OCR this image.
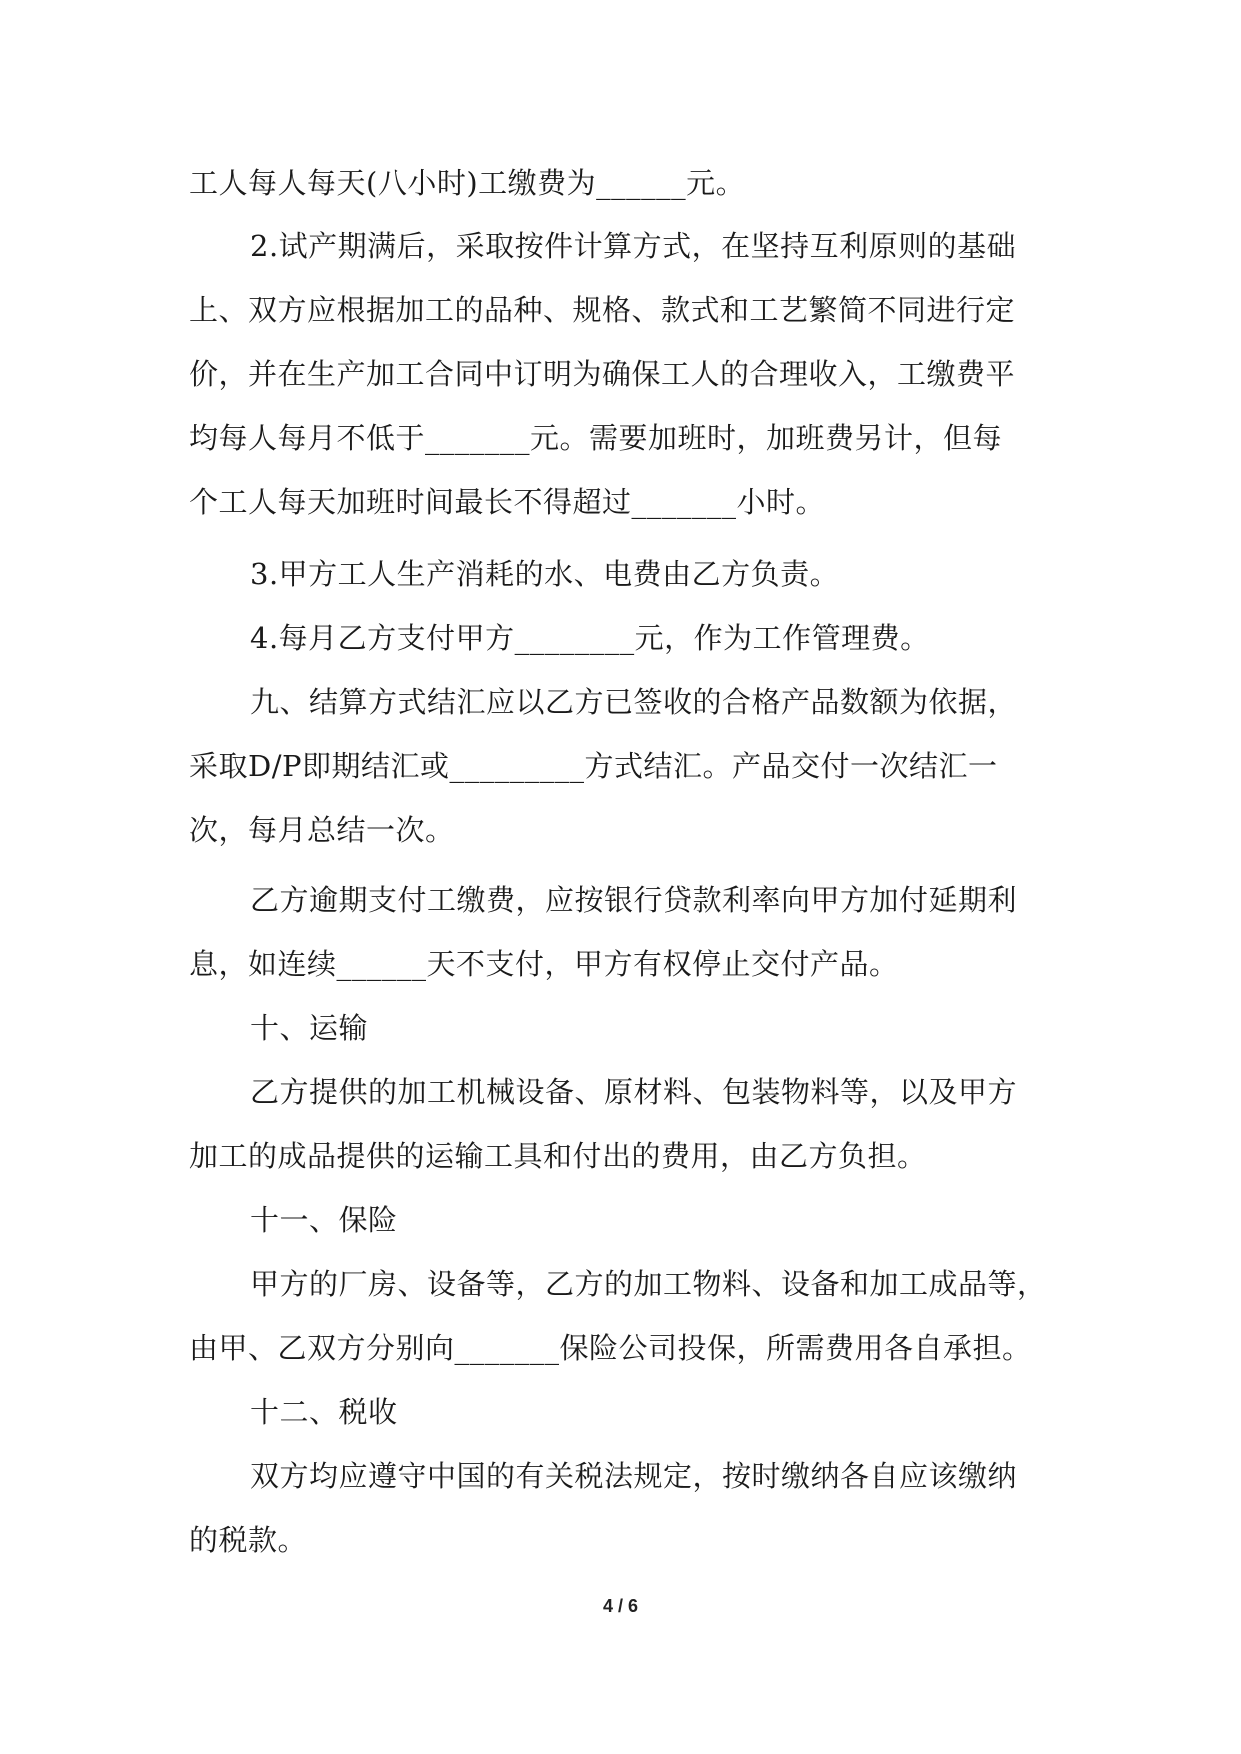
工人每人每天(八小时)工缴费为______元。
2.试产期满后，采取按件计算方式，在坚持互利原则的基础
上、双方应根据加工的品种、规格、款式和工艺繁简不同进行定
价，并在生产加工合同中订明为确保工人的合理收入，工缴费平
均每人每月不低于_______元。需要加班时，加班费另计，但每
个工人每天加班时间最长不得超过_______小时。
3.甲方工人生产消耗的水、电费由乙方负责。
4.每月乙方支付甲方________元，作为工作管理费。
九、结算方式结汇应以乙方已签收的合格产品数额为依据，
采取D/P即期结汇或_________方式结汇。产品交付一次结汇一
次，每月总结一次。
乙方逾期支付工缴费，应按银行贷款利率向甲方加付延期利
息，如连续______天不支付，甲方有权停止交付产品。
十、运输
乙方提供的加工机械设备、原材料、包装物料等，以及甲方
加工的成品提供的运输工具和付出的费用，由乙方负担。
十一、保险
甲方的厂房、设备等，乙方的加工物料、设备和加工成品等，
由甲、乙双方分别向_______保险公司投保，所需费用各自承担。
十二、税收
双方均应遵守中国的有关税法规定，按时缴纳各自应该缴纳
的税款。
4 / 6
